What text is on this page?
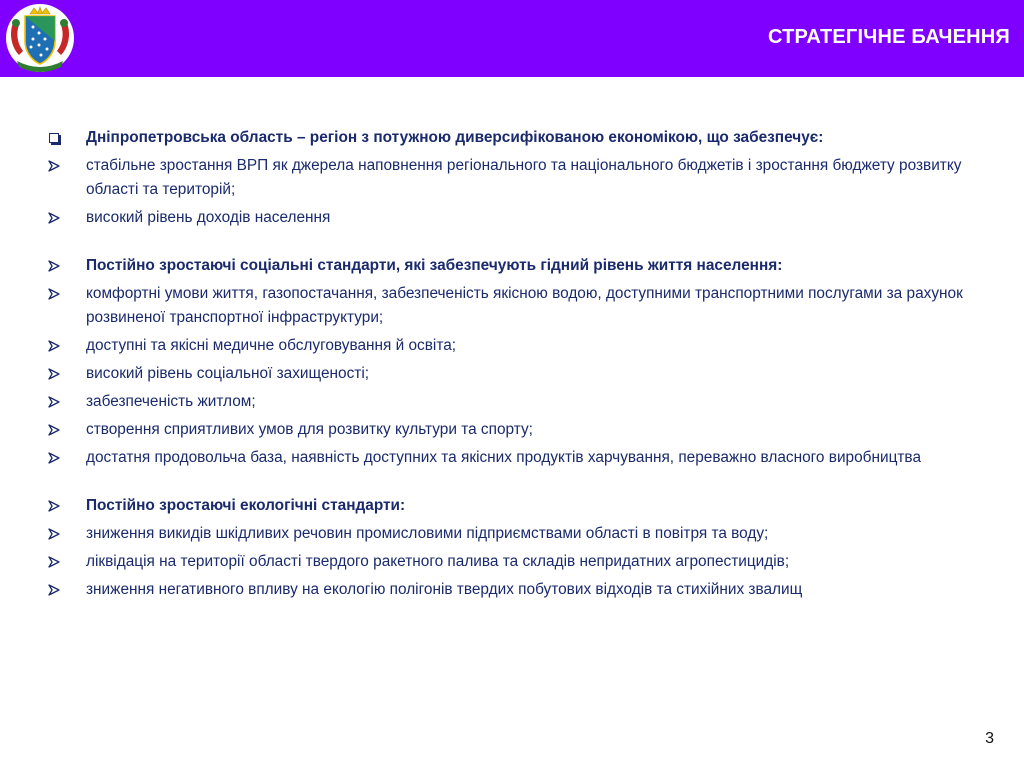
СТРАТЕГІЧНЕ БАЧЕННЯ
Дніпропетровська область – регіон з потужною диверсифікованою економікою, що забезпечує:
стабільне зростання ВРП як джерела наповнення регіонального та національного бюджетів і зростання бюджету розвитку області та територій;
високий рівень доходів населення
Постійно зростаючі соціальні стандарти, які забезпечують гідний рівень життя населення:
комфортні умови життя, газопостачання, забезпеченість якісною водою, доступними транспортними послугами за рахунок розвиненої транспортної інфраструктури;
доступні та якісні медичне обслуговування й освіта;
високий рівень соціальної захищеності;
забезпеченість житлом;
створення сприятливих умов для розвитку культури та спорту;
достатня продовольча база, наявність доступних та якісних продуктів харчування, переважно власного виробництва
Постійно зростаючі екологічні стандарти:
зниження викидів шкідливих речовин промисловими підприємствами області в повітря та воду;
ліквідація на території області твердого ракетного палива та складів непридатних агропестицидів;
зниження негативного впливу на екологію полігонів твердих побутових відходів та стихійних звалищ
3
